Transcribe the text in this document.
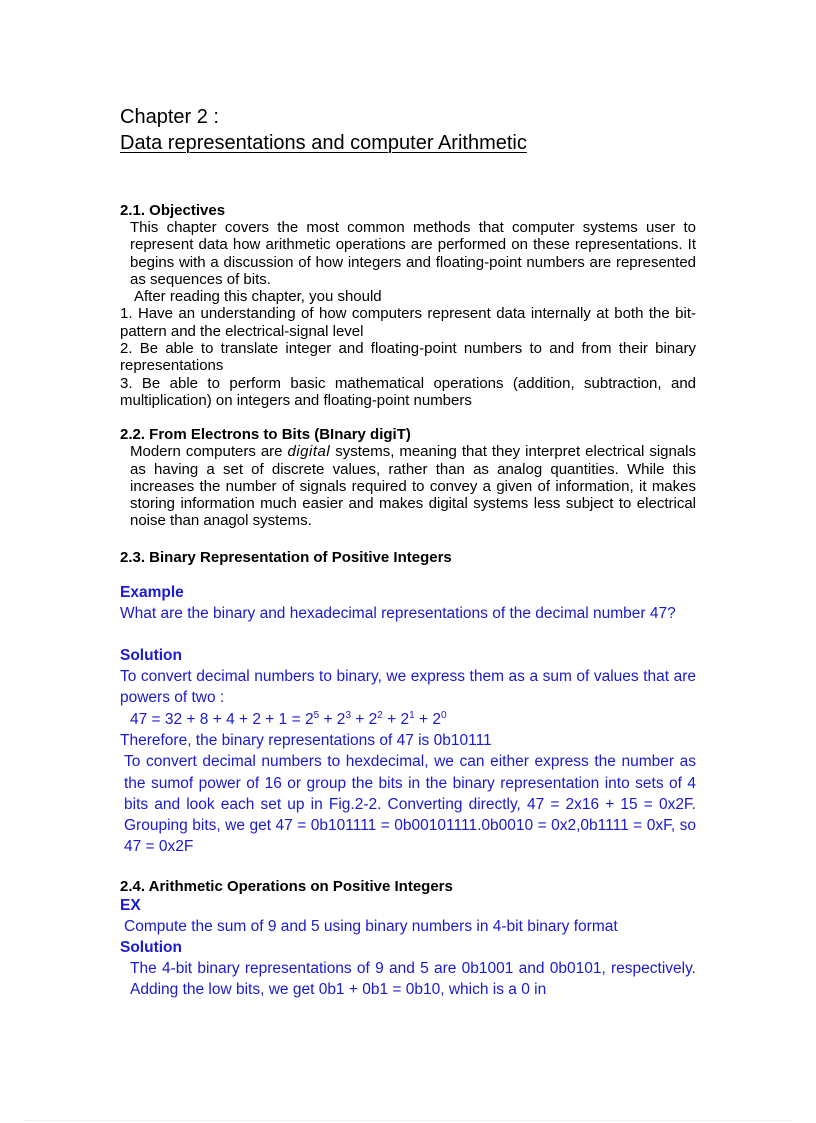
Chapter 2 :

Data representations and computer Arithmetic

2.1. Objectives

This chapter covers the most common methods that computer systems user to represent data how arithmetic operations are performed on these representations. It begins with a discussion of how integers and floating-point numbers are represented as sequences of bits.

After reading this chapter, you should

1. Have an understanding of how computers represent data internally at both the bit-pattern and the electrical-signal level

2. Be able to translate integer and floating-point numbers to and from their binary representations

3. Be able to perform basic mathematical operations (addition, subtraction, and multiplication) on integers and floating-point numbers

2.2. From Electrons to Bits (BInary digiT)

Modern computers are digital systems, meaning that they interpret electrical signals as having a set of discrete values, rather than as analog quantities. While this increases the number of signals required to convey a given of information, it makes storing information much easier and makes digital systems less subject to electrical noise than anagol systems.

2.3. Binary Representation of Positive Integers

Example

What are the binary and hexadecimal representations of the decimal number 47?

Solution

To convert decimal numbers to binary, we express them as a sum of values that are powers of two :

$47 = 32 + 8 + 4 + 2 + 1 = 2^5 + 2^3 + 2^2 + 2^1 + 2^0$

Therefore, the binary representations of 47 is 0b10111

To convert decimal numbers to hexdecimal, we can either express the number as the sumof power of 16 or group the bits in the binary representation into sets of 4 bits and look each set up in Fig.2-2. Converting directly, 47 = 2x16 + 15 = 0x2F. Grouping bits, we get 47 = 0b101111 = 0b00101111.0b0010 = 0x2,0b1111 = 0xF, so 47 = 0x2F

2.4. Arithmetic Operations on Positive Integers

EX

Compute the sum of 9 and 5 using binary numbers in 4-bit binary format

Solution

The 4-bit binary representations of 9 and 5 are 0b1001 and 0b0101, respectively. Adding the low bits, we get 0b1 + 0b1 = 0b10, which is a 0 in
